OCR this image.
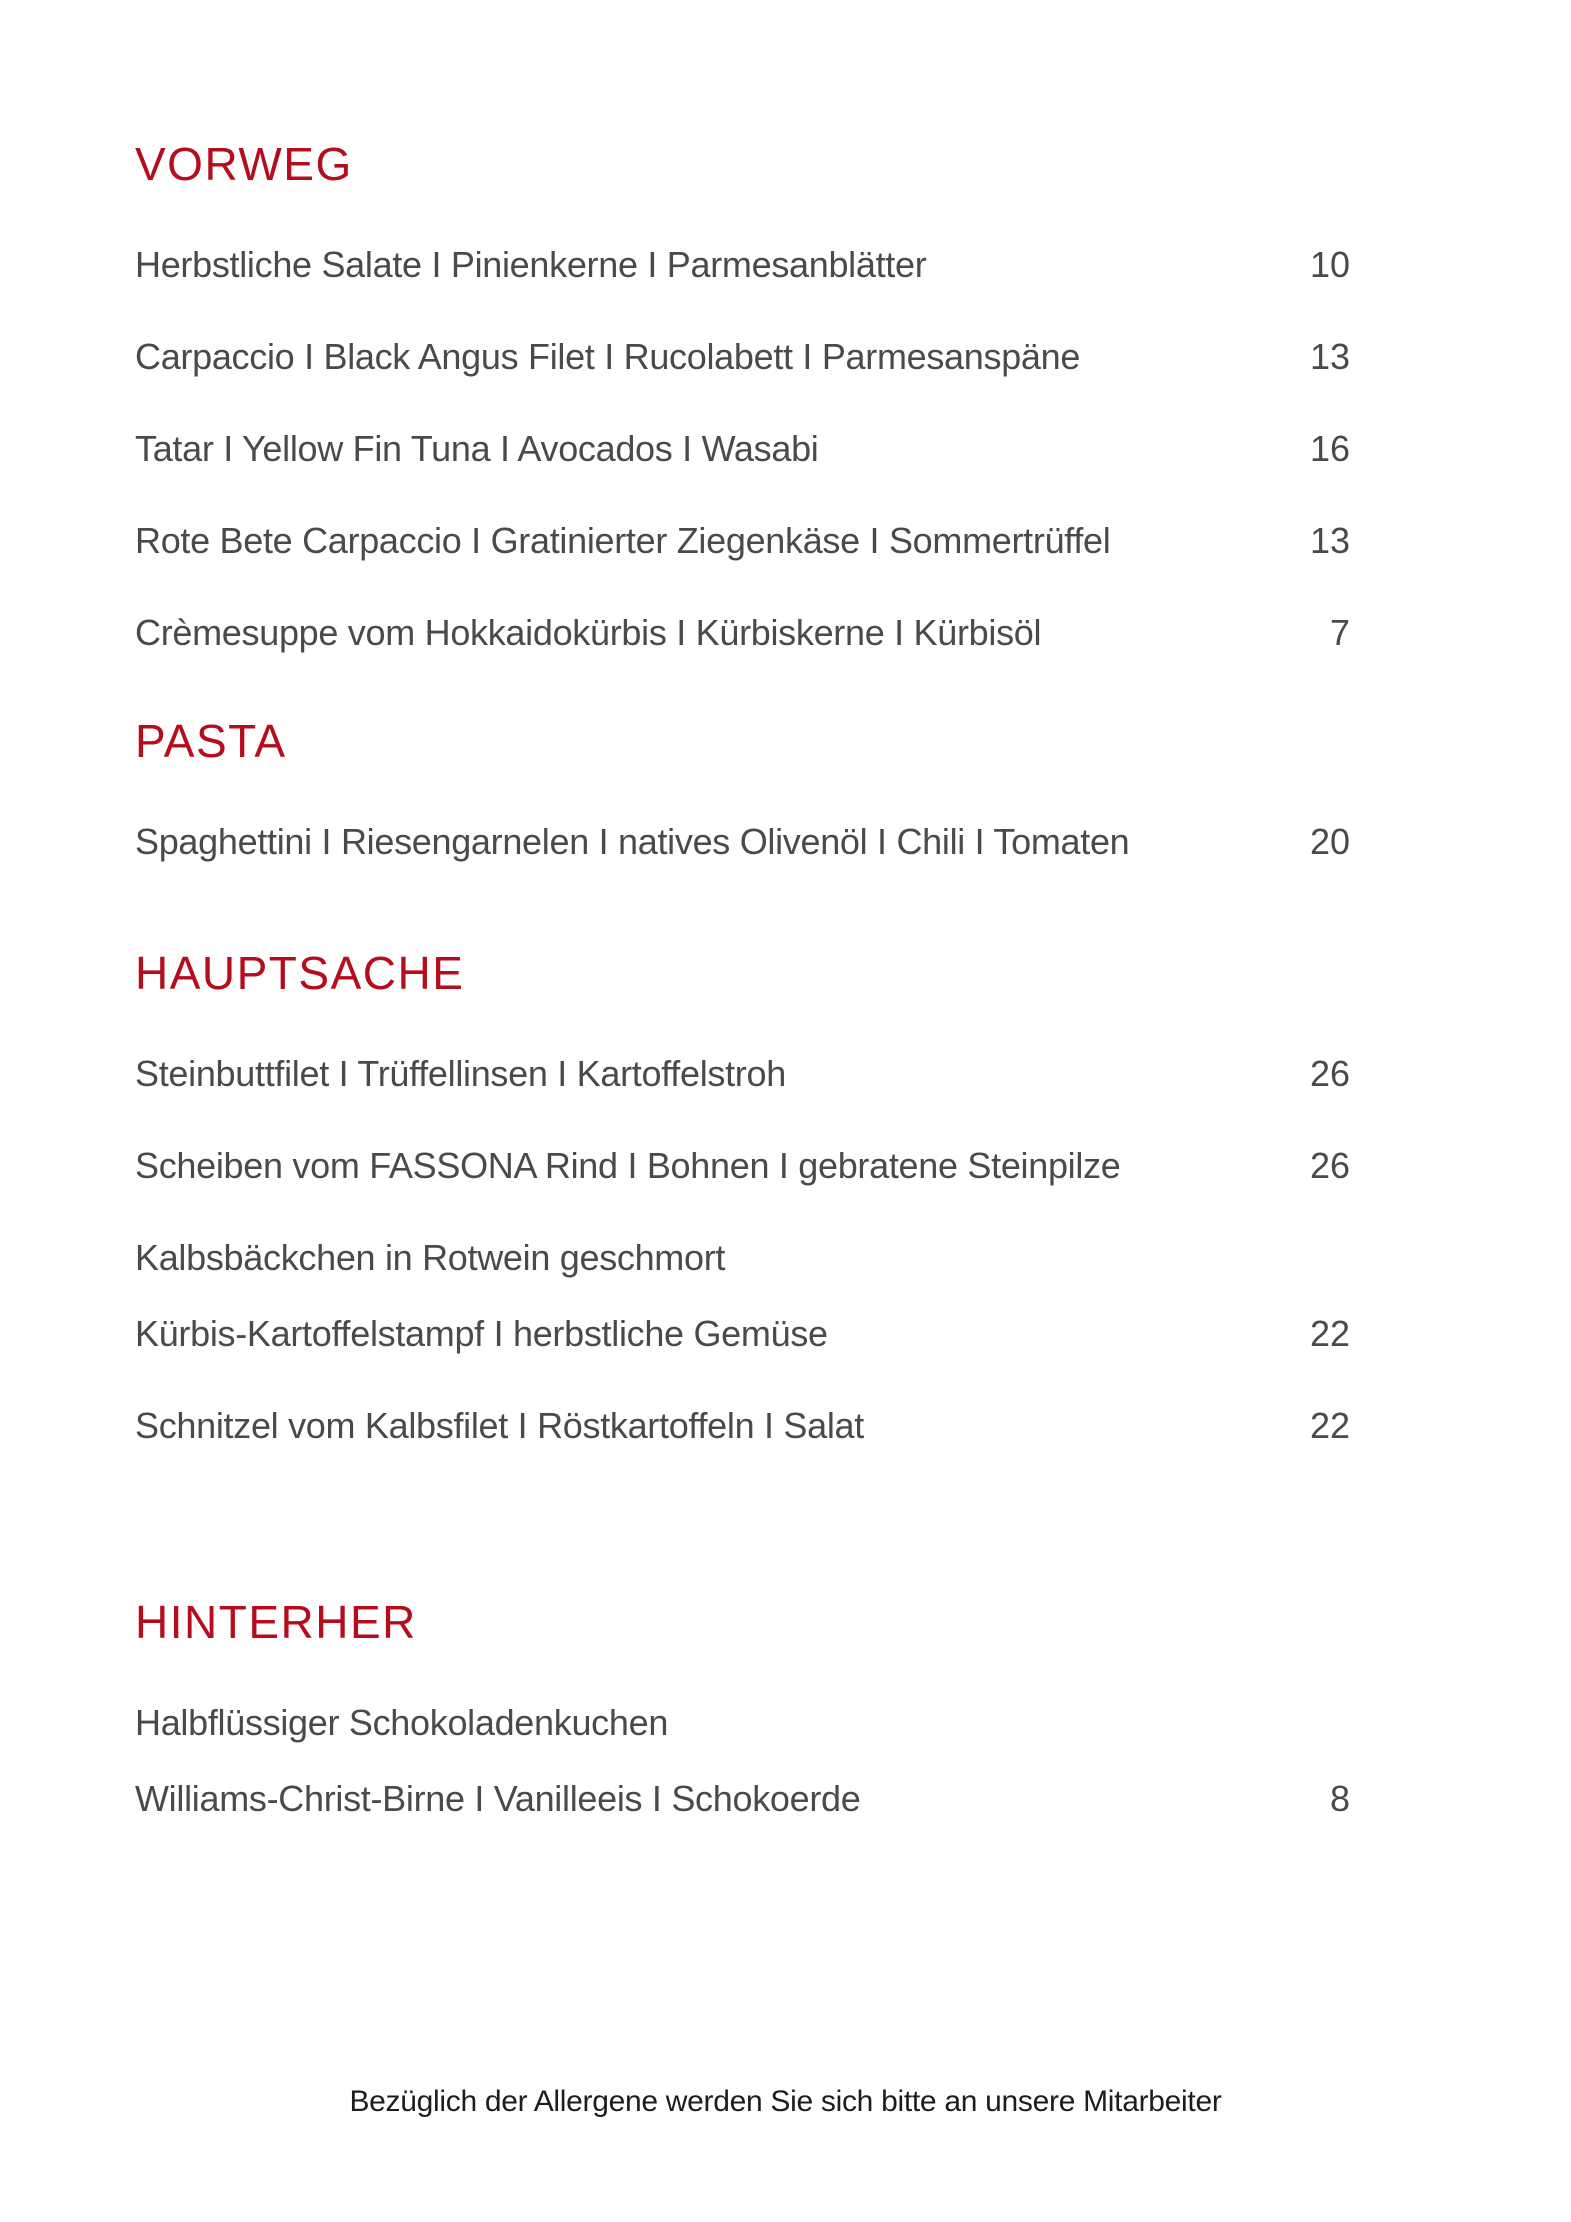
VORWEG
Herbstliche Salate I Pinienkerne I Parmesanblätter	10
Carpaccio I Black Angus Filet I Rucolabett I Parmesanspäne	13
Tatar I Yellow Fin Tuna I Avocados I Wasabi	16
Rote Bete Carpaccio I Gratinierter Ziegenkäse I Sommertrüffel	13
Crèmesuppe vom Hokkaidokürbis I Kürbiskerne I Kürbisöl	7
PASTA
Spaghettini I Riesengarnelen I natives Olivenöl I Chili I Tomaten	20
HAUPTSACHE
Steinbuttfilet I Trüffellinsen I Kartoffelstroh	26
Scheiben vom FASSONA Rind I Bohnen I gebratene Steinpilze	26
Kalbsbäckchen in Rotwein geschmort
Kürbis-Kartoffelstampf I herbstliche Gemüse	22
Schnitzel vom Kalbsfilet I Röstkartoffeln I Salat	22
HINTERHER
Halbflüssiger Schokoladenkuchen
Williams-Christ-Birne I Vanilleeis I Schokoerde	8
Bezüglich der Allergene werden Sie sich bitte an unsere Mitarbeiter
